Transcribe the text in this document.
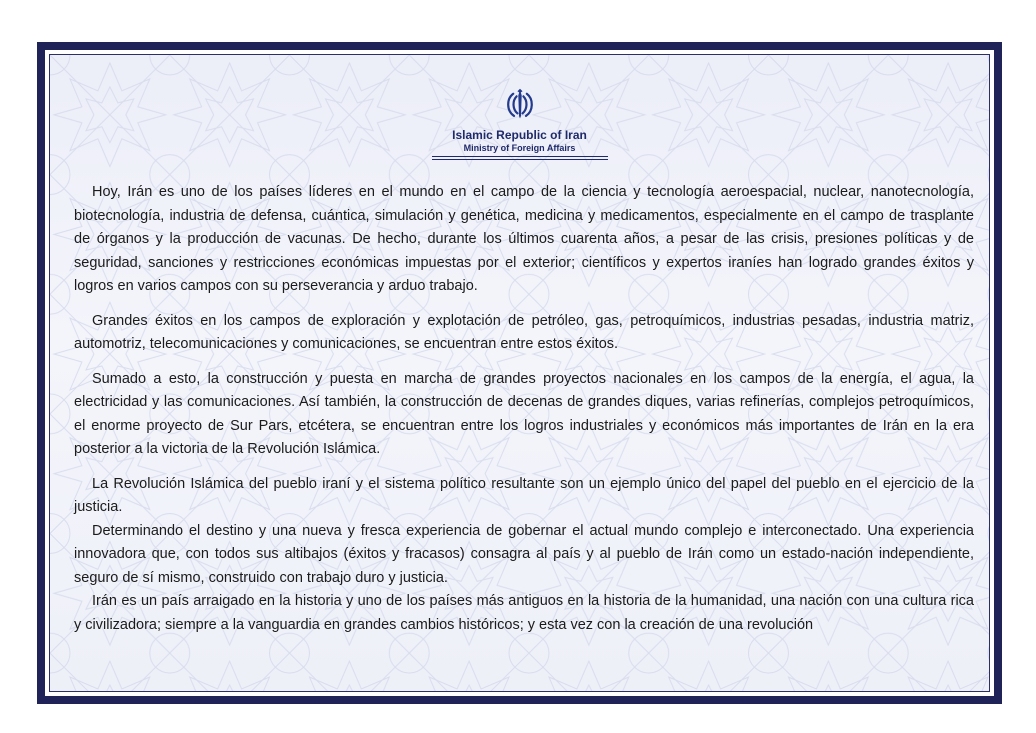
Islamic Republic of Iran
Ministry of Foreign Affairs

Hoy, Irán es uno de los países líderes en el mundo en el campo de la ciencia y tecnología aeroespacial, nuclear, nanotecnología, biotecnología, industria de defensa, cuántica, simulación y genética, medicina y medicamentos, especialmente en el campo de trasplante de órganos y la producción de vacunas. De hecho, durante los últimos cuarenta años, a pesar de las crisis, presiones políticas y de seguridad, sanciones y restricciones económicas impuestas por el exterior; científicos y expertos iraníes han logrado grandes éxitos y logros en varios campos con su perseverancia y arduo trabajo.

Grandes éxitos en los campos de exploración y explotación de petróleo, gas, petroquímicos, industrias pesadas, industria matriz, automotriz, telecomunicaciones y comunicaciones, se encuentran entre estos éxitos.

Sumado a esto, la construcción y puesta en marcha de grandes proyectos nacionales en los campos de la energía, el agua, la electricidad y las comunicaciones. Así también, la construcción de decenas de grandes diques, varias refinerías, complejos petroquímicos, el enorme proyecto de Sur Pars, etcétera, se encuentran entre los logros industriales y económicos más importantes de Irán en la era posterior a la victoria de la Revolución Islámica.

La Revolución Islámica del pueblo iraní y el sistema político resultante son un ejemplo único del papel del pueblo en el ejercicio de la justicia.

Determinando el destino y una nueva y fresca experiencia de gobernar el actual mundo complejo e interconectado. Una experiencia innovadora que, con todos sus altibajos (éxitos y fracasos) consagra al país y al pueblo de Irán como un estado-nación independiente, seguro de sí mismo, construido con trabajo duro y justicia.

Irán es un país arraigado en la historia y uno de los países más antiguos en la historia de la humanidad, una nación con una cultura rica y civilizadora; siempre a la vanguardia en grandes cambios históricos; y esta vez con la creación de una revolución
